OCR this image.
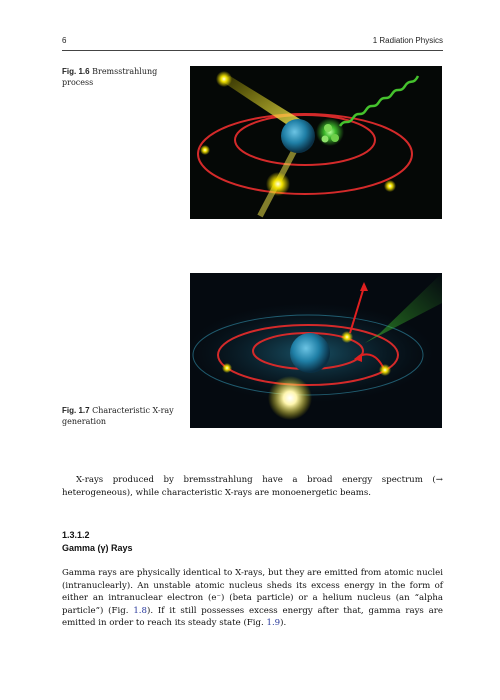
6	1 Radiation Physics
Fig. 1.6 Bremsstrahlung process
Fig. 1.7 Characteristic X-ray generation
X-rays produced by bremsstrahlung have a broad energy spectrum (→ heterogeneous), while characteristic X-rays are monoenergetic beams.
1.3.1.2
Gamma (γ) Rays
Gamma rays are physically identical to X-rays, but they are emitted from atomic nuclei (intranuclearly). An unstable atomic nucleus sheds its excess energy in the form of either an intranuclear electron (e⁻) (beta particle) or a helium nucleus (an “alpha particle”) (Fig. 1.8). If it still possesses excess energy after that, gamma rays are emitted in order to reach its steady state (Fig. 1.9).
